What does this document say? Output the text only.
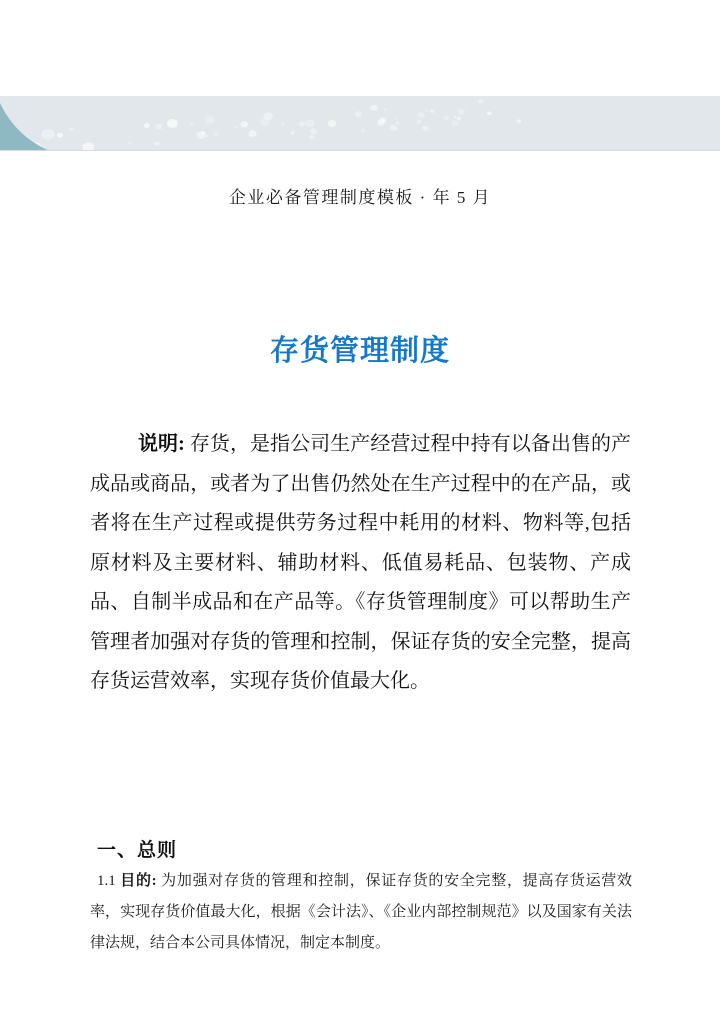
企业必备管理制度模板 · 年 5 月
存货管理制度

说明: 存货，是指公司生产经营过程中持有以备出售的产成品或商品，或者为了出售仍然处在生产过程中的在产品，或者将在生产过程或提供劳务过程中耗用的材料、物料等,包括原材料及主要材料、辅助材料、低值易耗品、包装物、产成品、自制半成品和在产品等。《存货管理制度》可以帮助生产管理者加强对存货的管理和控制，保证存货的安全完整，提高存货运营效率，实现存货价值最大化。

一、总则

1.1 目的: 为加强对存货的管理和控制，保证存货的安全完整，提高存货运营效率，实现存货价值最大化，根据《会计法》、《企业内部控制规范》以及国家有关法律法规，结合本公司具体情况，制定本制度。
